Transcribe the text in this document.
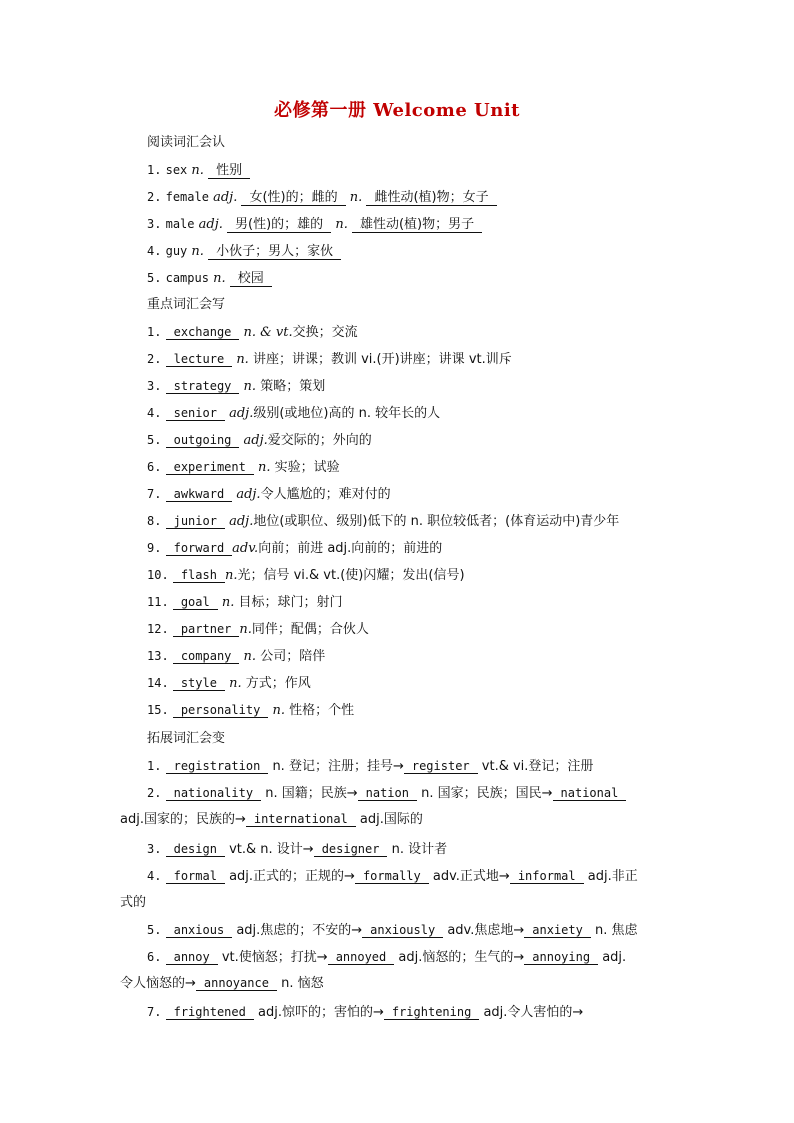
必修第一册 Welcome Unit
阅读词汇会认
1. sex n. 性别
2. female adj. 女(性)的；雌的 n. 雌性动(植)物；女子
3. male adj. 男(性)的；雄的 n. 雄性动(植)物；男子
4. guy n. 小伙子；男人；家伙
5. campus n. 校园
重点词汇会写
1. exchange n. & vt.交换；交流
2. lecture n. 讲座；讲课；教训 vi.(开)讲座；讲课 vt.训斥
3. strategy n. 策略；策划
4. senior adj.级别(或地位)高的 n. 较年长的人
5. outgoing adj.爱交际的；外向的
6. experiment n. 实验；试验
7. awkward adj.令人尴尬的；难对付的
8. junior adj.地位(或职位、级别)低下的 n. 职位较低者；(体育运动中)青少年
9. forward adv.向前；前进 adj.向前的；前进的
10. flash n.光；信号 vi.& vt.(使)闪耀；发出(信号)
11. goal n. 目标；球门；射门
12. partner n.同伴；配偶；合伙人
13. company n. 公司；陪伴
14. style n. 方式；作风
15. personality n. 性格；个性
拓展词汇会变
1. registration n. 登记；注册；挂号→ register vt.& vi.登记；注册
2. nationality n. 国籍；民族→ nation n. 国家；民族；国民→ national
adj.国家的；民族的→ international adj.国际的
3. design vt.& n. 设计→ designer n. 设计者
4. formal adj.正式的；正规的→ formally adv.正式地→ informal adj.非正
式的
5. anxious adj.焦虑的；不安的→ anxiously adv.焦虑地→ anxiety n. 焦虑
6. annoy vt.使恼怒；打扰→ annoyed adj.恼怒的；生气的→ annoying adj.
令人恼怒的→ annoyance n. 恼怒
7. frightened adj.惊吓的；害怕的→ frightening adj.令人害怕的→
